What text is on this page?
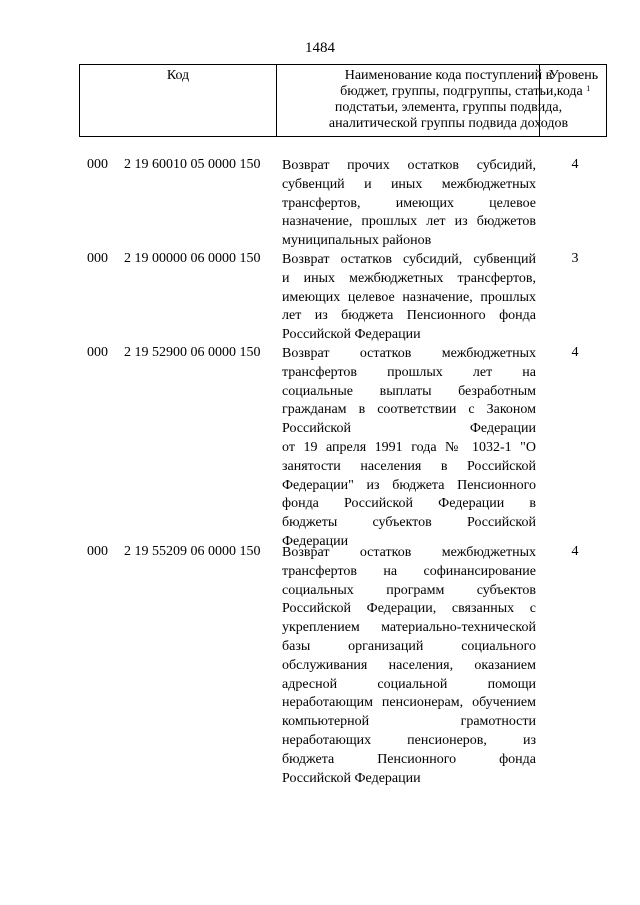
1484
Код	Наименование кода поступлений в
бюджет, группы, подгруппы, статьи,
подстатьи, элемента, группы подвида,
аналитической группы подвида доходов
Уровень
кода $^1$
000 2 19 60010 05 0000 150 Возврат прочих остатков субсидий,
субвенций и иных межбюджетных
трансфертов, имеющих целевое
назначение, прошлых лет из бюджетов
муниципальных районов
4
000 2 19 00000 06 0000 150 Возврат остатков субсидий, субвенций
и иных межбюджетных трансфертов,
имеющих целевое назначение, прошлых
лет из бюджета Пенсионного фонда
Российской Федерации
3
000 2 19 52900 06 0000 150 Возврат остатков межбюджетных
трансфертов прошлых лет на
социальные выплаты безработным
гражданам в соответствии с Законом
Российской Федерации
от 19 апреля 1991 года № 1032-1 "О
занятости населения в Российской
Федерации" из бюджета Пенсионного
фонда Российской Федерации в
бюджеты субъектов Российской
Федерации
4
000 2 19 55209 06 0000 150 Возврат остатков межбюджетных
трансфертов на софинансирование
социальных программ субъектов
Российской Федерации, связанных с
укреплением материально-технической
базы организаций социального
обслуживания населения, оказанием
адресной социальной помощи
неработающим пенсионерам, обучением
компьютерной грамотности
неработающих пенсионеров, из
бюджета Пенсионного фонда
Российской Федерации
4
